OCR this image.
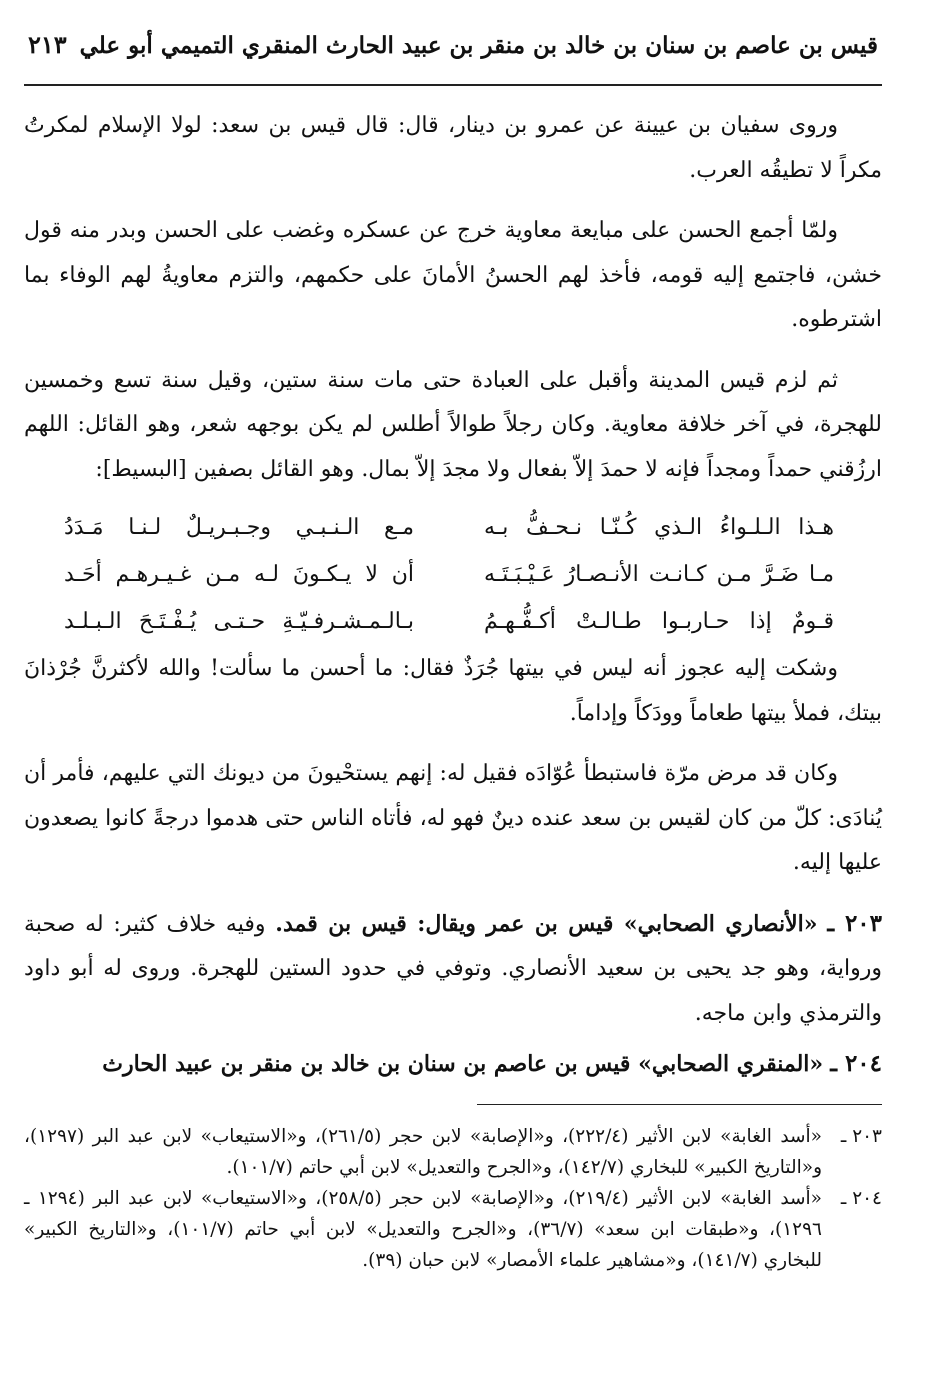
قيس بن عاصم بن سنان بن خالد بن منقر بن عبيد الحارث المنقري التميمي أبو علي
٢١٣

وروى سفيان بن عيينة عن عمرو بن دينار، قال: قال قيس بن سعد: لولا الإسلام لمكرتُ مكراً لا تطيقُه العرب.

ولمّا أجمع الحسن على مبايعة معاوية خرج عن عسكره وغضب على الحسن وبدر منه قول خشن، فاجتمع إليه قومه، فأخذ لهم الحسنُ الأمانَ على حكمهم، والتزم معاويةُ لهم الوفاء بما اشترطوه.

ثم لزم قيس المدينة وأقبل على العبادة حتى مات سنة ستين، وقيل سنة تسع وخمسين للهجرة، في آخر خلافة معاوية. وكان رجلاً طوالاً أطلس لم يكن بوجهه شعر، وهو القائل: اللهم ارزُقني حمداً ومجداً فإنه لا حمدَ إلاّ بفعال ولا مجدَ إلاّ بمال. وهو القائل بصفين [البسيط]:

هـذا الـلـواءُ الـذي كُـنّـا نـحـفُّ بـه
مـع الـنـبـي وجـبـريـلٌ لـنـا مَـدَدُ
مـا ضَـرَّ مـن كـانـت الأنـصـارُ عَـيْـبَـتَـه
أن لا يـكـونَ لـه مـن غـيـرهـم أحَـد
قـومٌ إذا حـاربـوا طـالـتْ أكـفُّـهـمُ
بـالـمـشـرفـيّـةِ حـتـى يُـفْـتَـحَ الـبـلـد

وشكت إليه عجوز أنه ليس في بيتها جُرَذٌ فقال: ما أحسن ما سألت! والله لأكثرنَّ جُرْذانَ بيتك، فملأ بيتها طعاماً وودَكاً وإداماً.

وكان قد مرض مرّة فاستبطأ عُوّادَه فقيل له: إنهم يستحْيونَ من ديونك التي عليهم، فأمر أن يُنادَى: كلّ من كان لقيس بن سعد عنده دينٌ فهو له، فأتاه الناس حتى هدموا درجةً كانوا يصعدون عليها إليه.

٢٠٣ ـ «الأنصاري الصحابي» قيس بن عمر ويقال: قيس بن قمد. وفيه خلاف كثير: له صحبة ورواية، وهو جد يحيى بن سعيد الأنصاري. وتوفي في حدود الستين للهجرة. وروى له أبو داود والترمذي وابن ماجه.

٢٠٤ ـ «المنقري الصحابي» قيس بن عاصم بن سنان بن خالد بن منقر بن عبيد الحارث

٢٠٣ ـ
«أسد الغابة» لابن الأثير (٢٢٢/٤)، و«الإصابة» لابن حجر (٢٦١/٥)، و«الاستيعاب» لابن عبد البر (١٢٩٧)، و«التاريخ الكبير» للبخاري (١٤٢/٧)، و«الجرح والتعديل» لابن أبي حاتم (١٠١/٧).
٢٠٤ ـ
«أسد الغابة» لابن الأثير (٢١٩/٤)، و«الإصابة» لابن حجر (٢٥٨/٥)، و«الاستيعاب» لابن عبد البر (١٢٩٤ ـ ١٢٩٦)، و«طبقات ابن سعد» (٣٦/٧)، و«الجرح والتعديل» لابن أبي حاتم (١٠١/٧)، و«التاريخ الكبير» للبخاري (١٤١/٧)، و«مشاهير علماء الأمصار» لابن حبان (٣٩).
